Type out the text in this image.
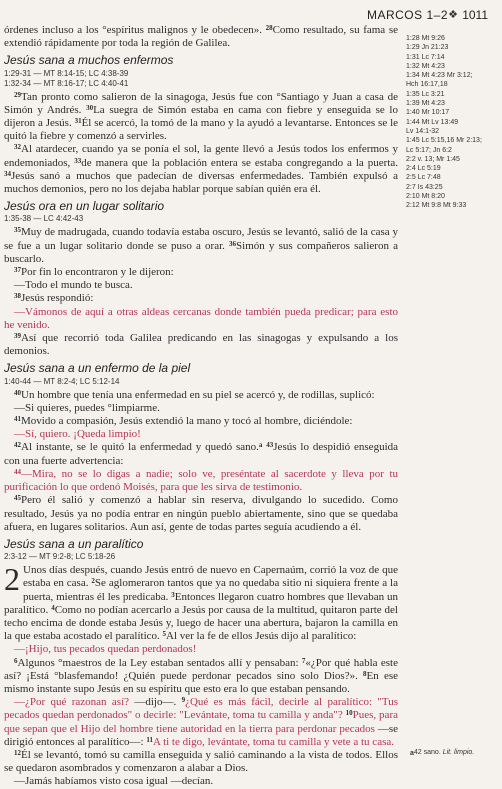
MARCOS 1–2 ❖ 1011

órdenes incluso a los °espíritus malignos y le obedecen». $^{28}$Como resultado, su fama se extendió rápidamente por toda la región de Galilea.

Jesús sana a muchos enfermos

1:29-31 — MT 8:14-15; LC 4:38-39
1:32-34 — MT 8:16-17; LC 4:40-41

$^{29}$Tan pronto como salieron de la sinagoga, Jesús fue con °Santiago y Juan a casa de Simón y Andrés. $^{30}$La suegra de Simón estaba en cama con fiebre y enseguida se lo dijeron a Jesús. $^{31}$Él se acercó, la tomó de la mano y la ayudó a levantarse. Entonces se le quitó la fiebre y comenzó a servirles.

$^{32}$Al atardecer, cuando ya se ponía el sol, la gente llevó a Jesús todos los enfermos y endemoniados, $^{33}$de manera que la población entera se estaba congregando a la puerta. $^{34}$Jesús sanó a muchos que padecían de diversas enfermedades. También expulsó a muchos demonios, pero no los dejaba hablar porque sabían quién era él.

Jesús ora en un lugar solitario

1:35-38 — LC 4:42-43

$^{35}$Muy de madrugada, cuando todavía estaba oscuro, Jesús se levantó, salió de la casa y se fue a un lugar solitario donde se puso a orar. $^{36}$Simón y sus compañeros salieron a buscarlo.

$^{37}$Por fin lo encontraron y le dijeron:

—Todo el mundo te busca.

$^{38}$Jesús respondió:

—Vámonos de aquí a otras aldeas cercanas donde también pueda predicar; para esto he venido.

$^{39}$Así que recorrió toda Galilea predicando en las sinagogas y expulsando a los demonios.

Jesús sana a un enfermo de la piel

1:40-44 — MT 8:2-4; LC 5:12-14

$^{40}$Un hombre que tenía una enfermedad en su piel se acercó y, de rodillas, suplicó:

—Si quieres, puedes °limpiarme.

$^{41}$Movido a compasión, Jesús extendió la mano y tocó al hombre, diciéndole:

—Sí, quiero. ¡Queda limpio!

$^{42}$Al instante, se le quitó la enfermedad y quedó sano.$^a$ $^{43}$Jesús lo despidió enseguida con una fuerte advertencia:

$^{44}$—Mira, no se lo digas a nadie; solo ve, preséntate al sacerdote y lleva por tu purificación lo que ordenó Moisés, para que les sirva de testimonio.

$^{45}$Pero él salió y comenzó a hablar sin reserva, divulgando lo sucedido. Como resultado, Jesús ya no podía entrar en ningún pueblo abiertamente, sino que se quedaba afuera, en lugares solitarios. Aun así, gente de todas partes seguía acudiendo a él.

Jesús sana a un paralítico

2:3-12 — MT 9:2-8; LC 5:18-26

2 Unos días después, cuando Jesús entró de nuevo en Capernaúm, corrió la voz de que estaba en casa. $^2$Se aglomeraron tantos que ya no quedaba sitio ni siquiera frente a la puerta, mientras él les predicaba. $^3$Entonces llegaron cuatro hombres que llevaban un paralítico. $^4$Como no podían acercarlo a Jesús por causa de la multitud, quitaron parte del techo encima de donde estaba Jesús y, luego de hacer una abertura, bajaron la camilla en la que estaba acostado el paralítico. $^5$Al ver la fe de ellos Jesús dijo al paralítico:

—¡Hijo, tus pecados quedan perdonados!

$^6$Algunos °maestros de la Ley estaban sentados allí y pensaban: $^7$«¿Por qué habla este así? ¡Está °blasfemando! ¿Quién puede perdonar pecados sino solo Dios?». $^8$En ese mismo instante supo Jesús en su espíritu que esto era lo que estaban pensando.

—¿Por qué razonan así? —dijo—. $^9$¿Qué es más fácil, decirle al paralítico: "Tus pecados quedan perdonados" o decirle: "Levántate, toma tu camilla y anda"? $^{10}$Pues, para que sepan que el Hijo del hombre tiene autoridad en la tierra para perdonar pecados —se dirigió entonces al paralítico—: $^{11}$A ti te digo, levántate, toma tu camilla y vete a tu casa.

$^{12}$Él se levantó, tomó su camilla enseguida y salió caminando a la vista de todos. Ellos se quedaron asombrados y comenzaron a alabar a Dios.

—Jamás habíamos visto cosa igual —decían.

1:28 Mt 9:26
1:29 Jn 21:23
1:31 Lc 7:14
1:32 Mt 4:23
1:34 Mt 4:23 Mr 3:12;
Hch 16:17,18
1:35 Lc 3:21
1:39 Mt 4:23
1:40 Mr 10:17
1:44 Mt Lv 13:49
Lv 14:1-32
1:45 Lc 5:15,16 Mr 2:13;
Lc 5:17; Jn 6:2
2:2 v. 13; Mr 1:45
2:4 Lc 5:19
2:5 Lc 7:48
2:7 Is 43:25
2:10 Mt 8:20
2:12 Mt 9:8 Mt 9:33
a42 sano. Lit. limpio.
